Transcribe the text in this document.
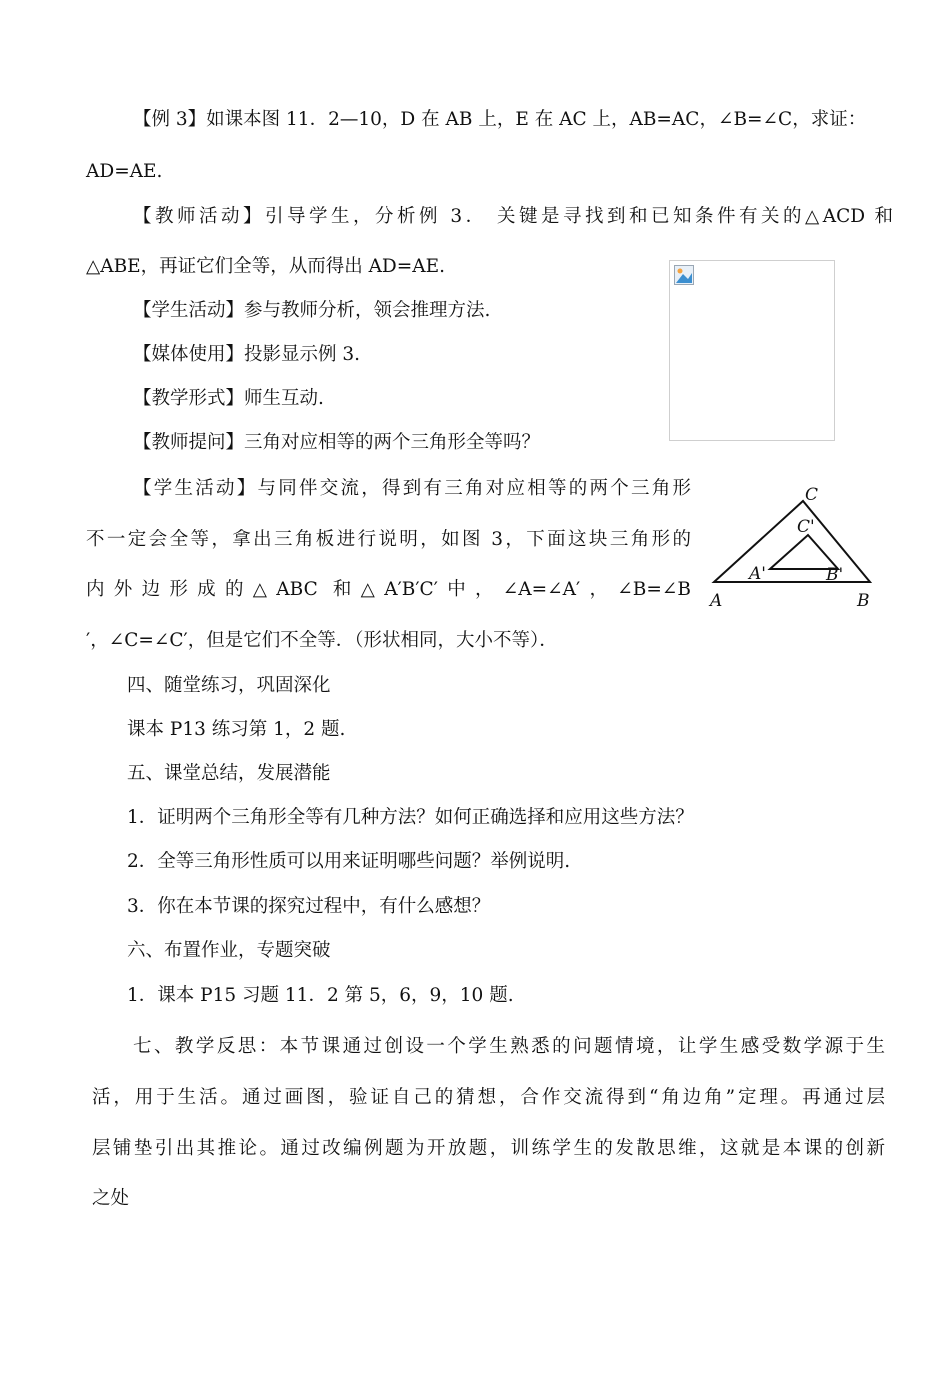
【例 3】如课本图 11．2—10，D 在 AB 上，E 在 AC 上，AB=AC，∠B=∠C，求证：
AD=AE.
【教师活动】引导学生，分析例 3． 关键是寻找到和已知条件有关的△ACD 和
△ABE，再证它们全等，从而得出 AD=AE.
【学生活动】参与教师分析，领会推理方法.
【媒体使用】投影显示例 3.
【教学形式】师生互动.
【教师提问】三角对应相等的两个三角形全等吗？
【学生活动】与同伴交流，得到有三角对应相等的两个三角形
不一定会全等，拿出三角板进行说明，如图 3，下面这块三角形的
内外边形成的△ABC 和△A′B′C′中，∠A=∠A′，∠B=∠B
′，∠C=∠C′，但是它们不全等．（形状相同，大小不等）．
C
C'
A'	B'
A	B
四、随堂练习，巩固深化
课本 P13 练习第 1，2 题.
五、课堂总结，发展潜能
1．证明两个三角形全等有几种方法？如何正确选择和应用这些方法？
2．全等三角形性质可以用来证明哪些问题？举例说明.
3．你在本节课的探究过程中，有什么感想？
六、布置作业，专题突破
1．课本 P15 习题 11．2 第 5，6，9，10 题.
七、教学反思：本节课通过创设一个学生熟悉的问题情境，让学生感受数学源于生
活，用于生活。通过画图，验证自己的猜想，合作交流得到“角边角”定理。再通过层
层铺垫引出其推论。通过改编例题为开放题，训练学生的发散思维，这就是本课的创新
之处
